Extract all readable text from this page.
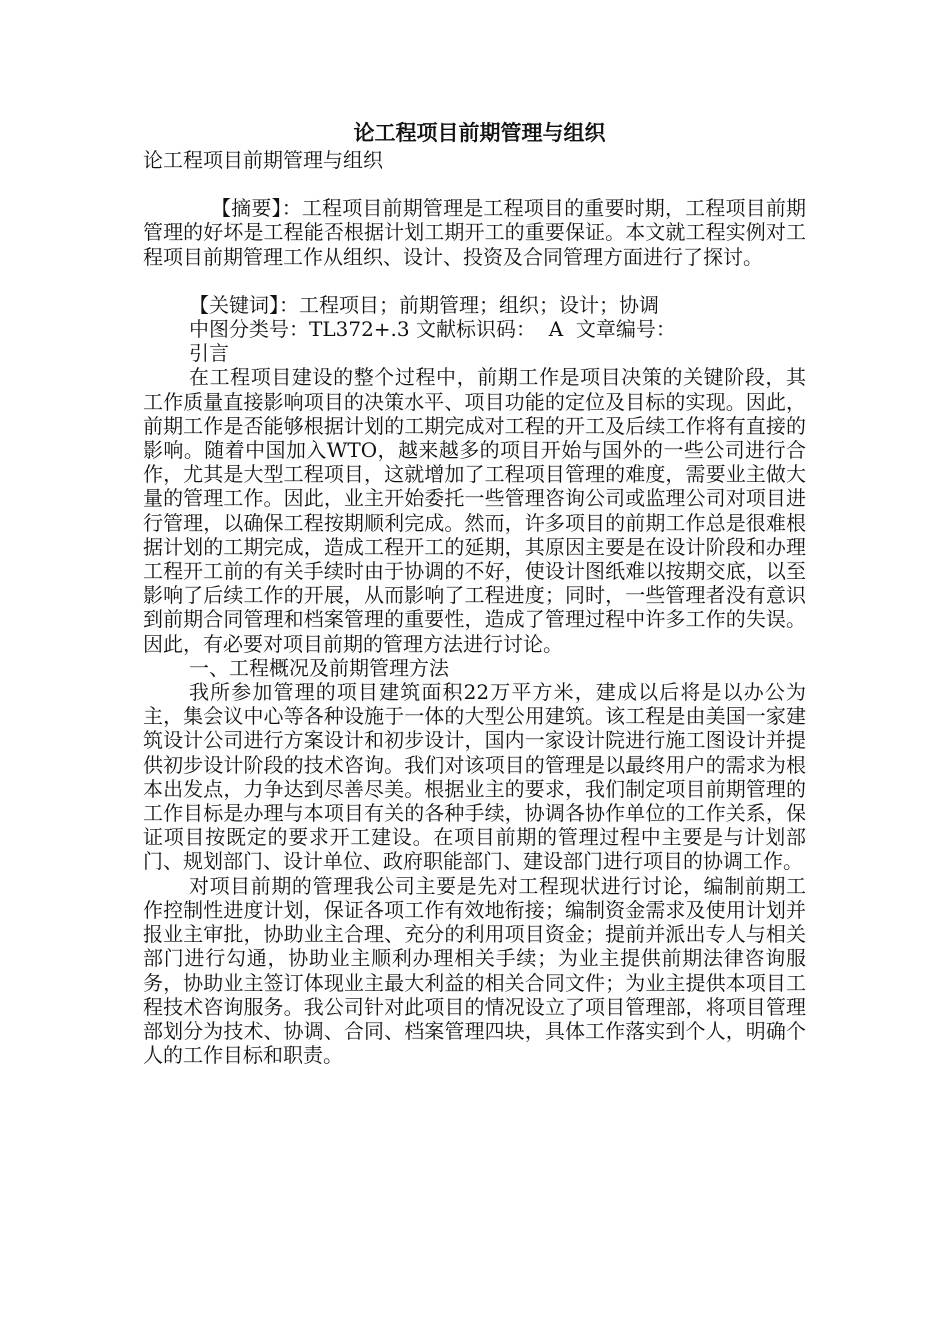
论工程项目前期管理与组织

论工程项目前期管理与组织

【摘要】：工程项目前期管理是工程项目的重要时期，工程项目前期管理的好坏是工程能否根据计划工期开工的重要保证。本文就工程实例对工程项目前期管理工作从组织、设计、投资及合同管理方面进行了探讨。

【关键词】：工程项目；前期管理；组织；设计；协调

中图分类号：TL372+.3 文献标识码：  A  文章编号：

引言

在工程项目建设的整个过程中，前期工作是项目决策的关键阶段，其工作质量直接影响项目的决策水平、项目功能的定位及目标的实现。因此，前期工作是否能够根据计划的工期完成对工程的开工及后续工作将有直接的影响。随着中国加入WTO，越来越多的项目开始与国外的一些公司进行合作，尤其是大型工程项目，这就增加了工程项目管理的难度，需要业主做大量的管理工作。因此，业主开始委托一些管理咨询公司或监理公司对项目进行管理，以确保工程按期顺利完成。然而，许多项目的前期工作总是很难根据计划的工期完成，造成工程开工的延期，其原因主要是在设计阶段和办理工程开工前的有关手续时由于协调的不好，使设计图纸难以按期交底，以至影响了后续工作的开展，从而影响了工程进度；同时，一些管理者没有意识到前期合同管理和档案管理的重要性，造成了管理过程中许多工作的失误。因此，有必要对项目前期的管理方法进行讨论。

一、工程概况及前期管理方法

我所参加管理的项目建筑面积22万平方米，建成以后将是以办公为主，集会议中心等各种设施于一体的大型公用建筑。该工程是由美国一家建筑设计公司进行方案设计和初步设计，国内一家设计院进行施工图设计并提供初步设计阶段的技术咨询。我们对该项目的管理是以最终用户的需求为根本出发点，力争达到尽善尽美。根据业主的要求，我们制定项目前期管理的工作目标是办理与本项目有关的各种手续，协调各协作单位的工作关系，保证项目按既定的要求开工建设。在项目前期的管理过程中主要是与计划部门、规划部门、设计单位、政府职能部门、建设部门进行项目的协调工作。

对项目前期的管理我公司主要是先对工程现状进行讨论，编制前期工作控制性进度计划，保证各项工作有效地衔接；编制资金需求及使用计划并报业主审批，协助业主合理、充分的利用项目资金；提前并派出专人与相关部门进行勾通，协助业主顺利办理相关手续；为业主提供前期法律咨询服务，协助业主签订体现业主最大利益的相关合同文件；为业主提供本项目工程技术咨询服务。我公司针对此项目的情况设立了项目管理部，将项目管理部划分为技术、协调、合同、档案管理四块，具体工作落实到个人，明确个人的工作目标和职责。
